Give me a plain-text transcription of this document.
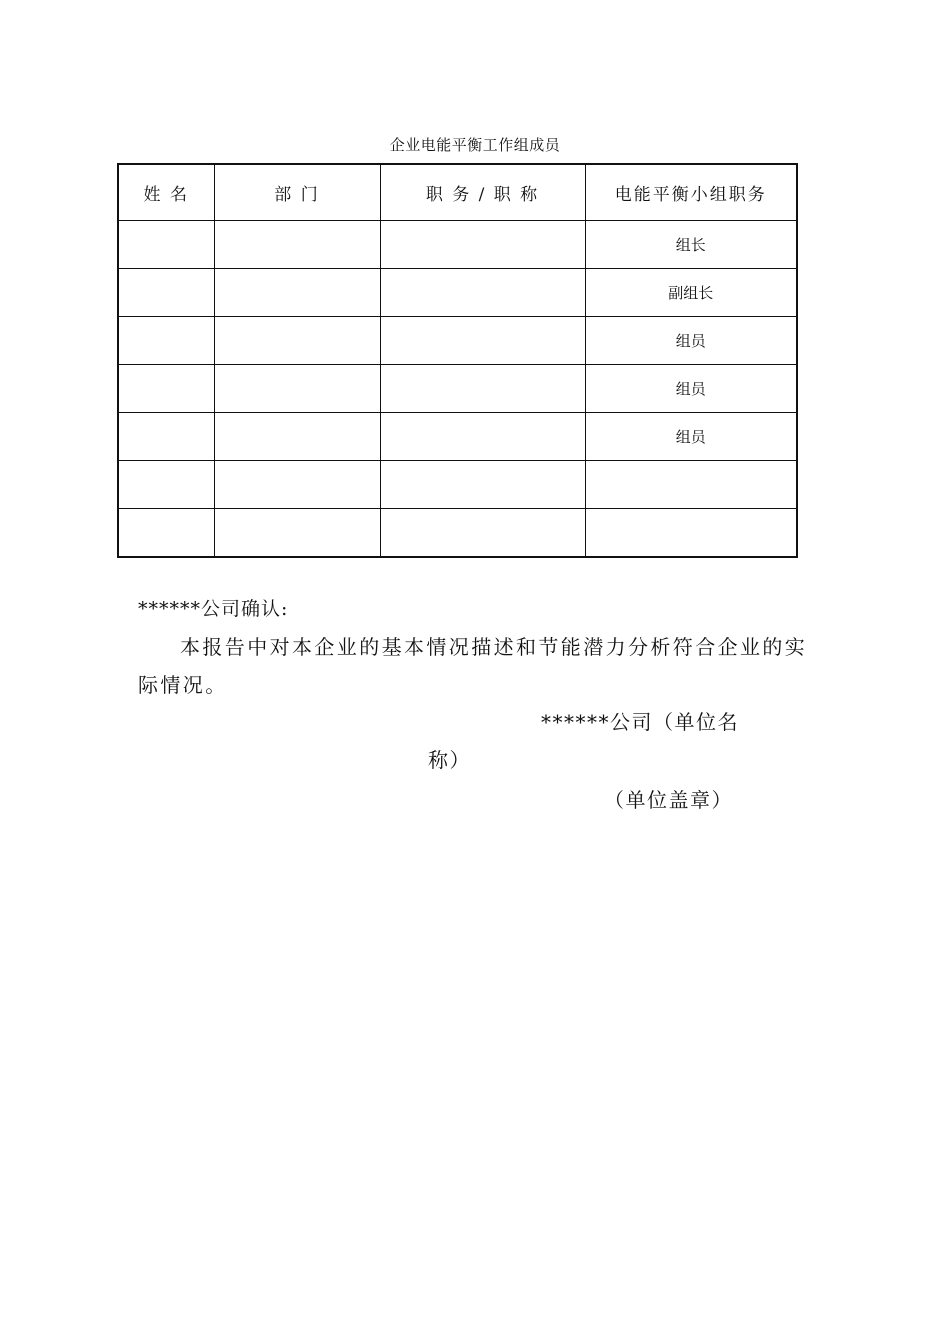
企业电能平衡工作组成员
姓 名	部 门	职 务 / 职 称	电能平衡小组职务
			组长
			副组长
			组员
			组员
			组员

******公司确认:

本报告中对本企业的基本情况描述和节能潜力分析符合企业的实际情况。

******公司（单位名
称）
（单位盖章）
